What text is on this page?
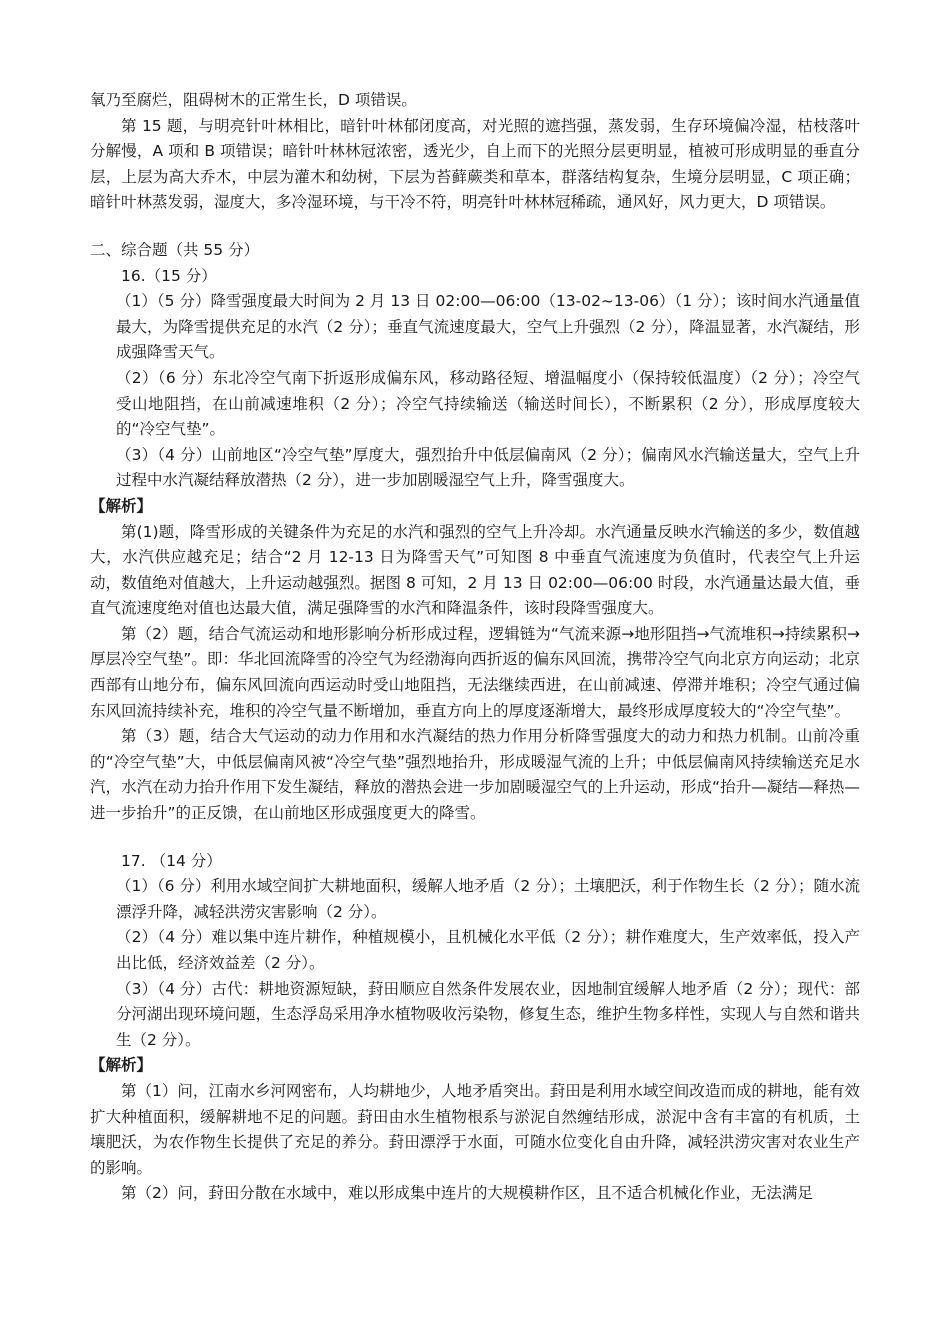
氧乃至腐烂，阻碍树木的正常生长，D 项错误。

第 15 题，与明亮针叶林相比，暗针叶林郁闭度高，对光照的遮挡强，蒸发弱，生存环境偏冷湿，枯枝落叶分解慢，A 项和 B 项错误；暗针叶林林冠浓密，透光少，自上而下的光照分层更明显，植被可形成明显的垂直分层，上层为高大乔木，中层为灌木和幼树，下层为苔藓蕨类和草本，群落结构复杂，生境分层明显，C 项正确；暗针叶林蒸发弱，湿度大，多冷湿环境，与干冷不符，明亮针叶林林冠稀疏，通风好，风力更大，D 项错误。

二、综合题（共 55 分）

16.（15 分）

（1）（5 分）降雪强度最大时间为 2 月 13 日 02:00—06:00（13-02~13-06）（1 分）；该时间水汽通量值最大，为降雪提供充足的水汽（2 分）；垂直气流速度最大，空气上升强烈（2 分），降温显著，水汽凝结，形成强降雪天气。

（2）（6 分）东北冷空气南下折返形成偏东风，移动路径短、增温幅度小（保持较低温度）（2 分）；冷空气受山地阻挡，在山前减速堆积（2 分）；冷空气持续输送（输送时间长），不断累积（2 分），形成厚度较大的“冷空气垫”。

（3）（4 分）山前地区“冷空气垫”厚度大，强烈抬升中低层偏南风（2 分）；偏南风水汽输送量大，空气上升过程中水汽凝结释放潜热（2 分），进一步加剧暖湿空气上升，降雪强度大。

【解析】

第(1)题，降雪形成的关键条件为充足的水汽和强烈的空气上升冷却。水汽通量反映水汽输送的多少，数值越大，水汽供应越充足；结合“2 月 12-13 日为降雪天气”可知图 8 中垂直气流速度为负值时，代表空气上升运动，数值绝对值越大，上升运动越强烈。据图 8 可知，2 月 13 日 02:00—06:00 时段，水汽通量达最大值，垂直气流速度绝对值也达最大值，满足强降雪的水汽和降温条件，该时段降雪强度大。

第（2）题，结合气流运动和地形影响分析形成过程，逻辑链为“气流来源→地形阻挡→气流堆积→持续累积→厚层冷空气垫”。即：华北回流降雪的冷空气为经渤海向西折返的偏东风回流，携带冷空气向北京方向运动；北京西部有山地分布，偏东风回流向西运动时受山地阻挡，无法继续西进，在山前减速、停滞并堆积；冷空气通过偏东风回流持续补充，堆积的冷空气量不断增加，垂直方向上的厚度逐渐增大，最终形成厚度较大的“冷空气垫”。

第（3）题，结合大气运动的动力作用和水汽凝结的热力作用分析降雪强度大的动力和热力机制。山前冷重的“冷空气垫”大，中低层偏南风被“冷空气垫”强烈地抬升，形成暖湿气流的上升；中低层偏南风持续输送充足水汽，水汽在动力抬升作用下发生凝结，释放的潜热会进一步加剧暖湿空气的上升运动，形成“抬升—凝结—释热—进一步抬升”的正反馈，在山前地区形成强度更大的降雪。

17. （14 分）

（1）（6 分）利用水域空间扩大耕地面积，缓解人地矛盾（2 分）；土壤肥沃，利于作物生长（2 分）；随水流漂浮升降，减轻洪涝灾害影响（2 分）。

（2）（4 分）难以集中连片耕作，种植规模小，且机械化水平低（2 分）；耕作难度大，生产效率低，投入产出比低，经济效益差（2 分）。

（3）（4 分）古代：耕地资源短缺，葑田顺应自然条件发展农业，因地制宜缓解人地矛盾（2 分）；现代：部分河湖出现环境问题，生态浮岛采用净水植物吸收污染物，修复生态，维护生物多样性，实现人与自然和谐共生（2 分）。

【解析】

第（1）问，江南水乡河网密布，人均耕地少，人地矛盾突出。葑田是利用水域空间改造而成的耕地，能有效扩大种植面积，缓解耕地不足的问题。葑田由水生植物根系与淤泥自然缠结形成，淤泥中含有丰富的有机质，土壤肥沃，为农作物生长提供了充足的养分。葑田漂浮于水面，可随水位变化自由升降，减轻洪涝灾害对农业生产的影响。

第（2）问，葑田分散在水域中，难以形成集中连片的大规模耕作区，且不适合机械化作业，无法满足
